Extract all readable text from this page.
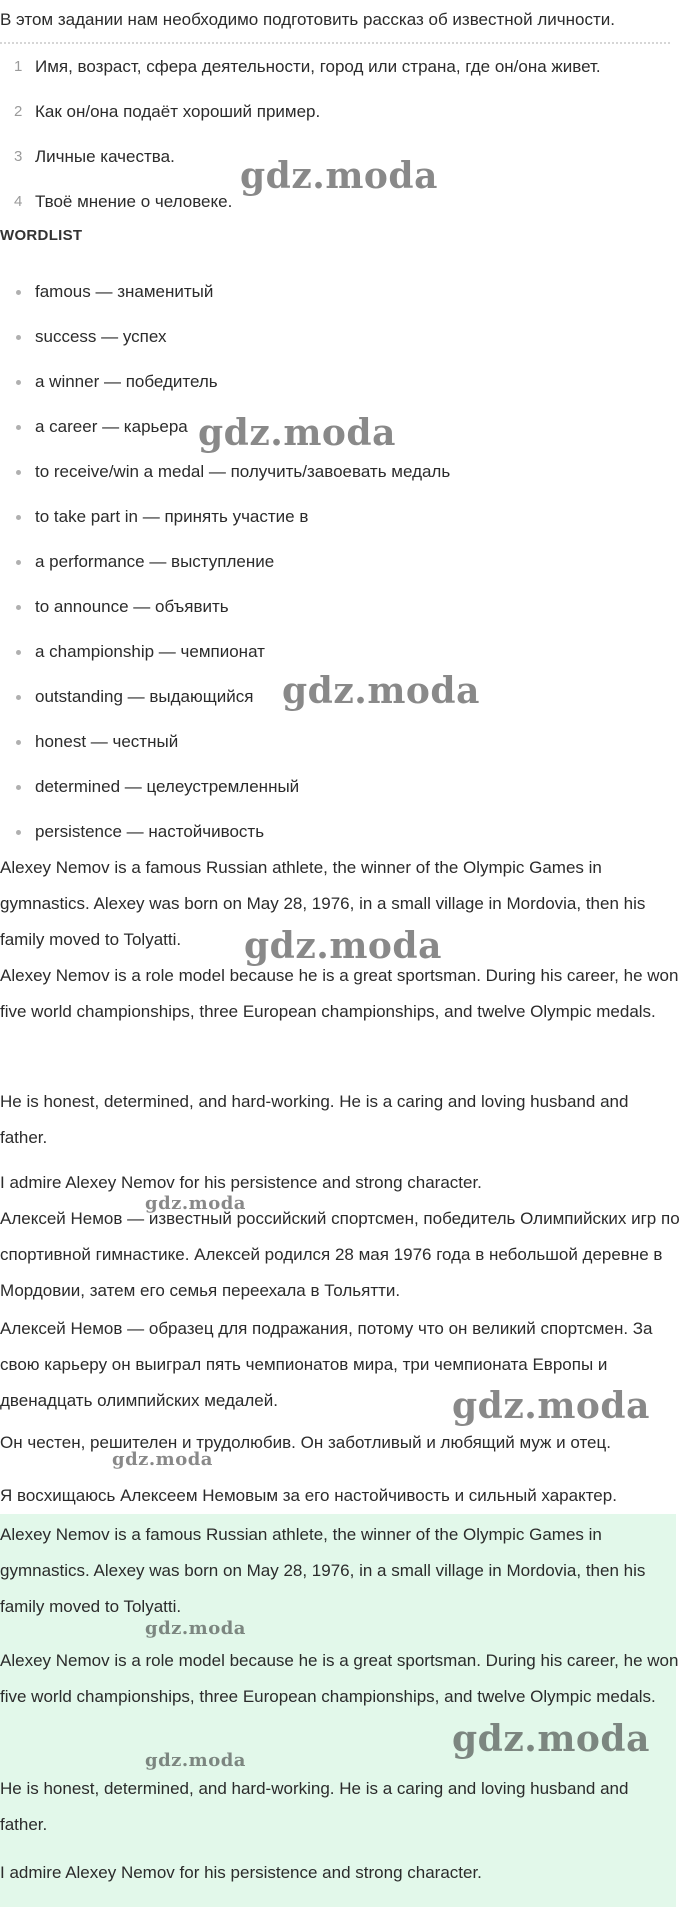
В этом задании нам необходимо подготовить рассказ об известной личности.

1 Имя, возраст, сфера деятельности, город или страна, где он/она живет.
2 Как он/она подаёт хороший пример.
3 Личные качества.
4 Твоё мнение о человеке.

WORDLIST

famous — знаменитый
success — успех
a winner — победитель
a career — карьера
to receive/win a medal — получить/завоевать медаль
to take part in — принять участие в
a performance — выступление
to announce — объявить
a championship — чемпионат
outstanding — выдающийся
honest — честный
determined — целеустремленный
persistence — настойчивость

Alexey Nemov is a famous Russian athlete, the winner of the Olympic Games in gymnastics. Alexey was born on May 28, 1976, in a small village in Mordovia, then his family moved to Tolyatti.

Alexey Nemov is a role model because he is a great sportsman. During his career, he won five world championships, three European championships, and twelve Olympic medals.

He is honest, determined, and hard-working. He is a caring and loving husband and father.

I admire Alexey Nemov for his persistence and strong character.

Алексей Немов — известный российский спортсмен, победитель Олимпийских игр по спортивной гимнастике. Алексей родился 28 мая 1976 года в небольшой деревне в Мордовии, затем его семья переехала в Тольятти.

Алексей Немов — образец для подражания, потому что он великий спортсмен. За свою карьеру он выиграл пять чемпионатов мира, три чемпионата Европы и двенадцать олимпийских медалей.

Он честен, решителен и трудолюбив. Он заботливый и любящий муж и отец.

Я восхищаюсь Алексеем Немовым за его настойчивость и сильный характер.

Alexey Nemov is a famous Russian athlete, the winner of the Olympic Games in gymnastics. Alexey was born on May 28, 1976, in a small village in Mordovia, then his family moved to Tolyatti.

Alexey Nemov is a role model because he is a great sportsman. During his career, he won five world championships, three European championships, and twelve Olympic medals.

He is honest, determined, and hard-working. He is a caring and loving husband and father.

I admire Alexey Nemov for his persistence and strong character.

gdz.moda
gdz.moda
gdz.moda
gdz.moda
gdz.moda
gdz.moda
gdz.moda
gdz.moda
gdz.moda
gdz.moda
